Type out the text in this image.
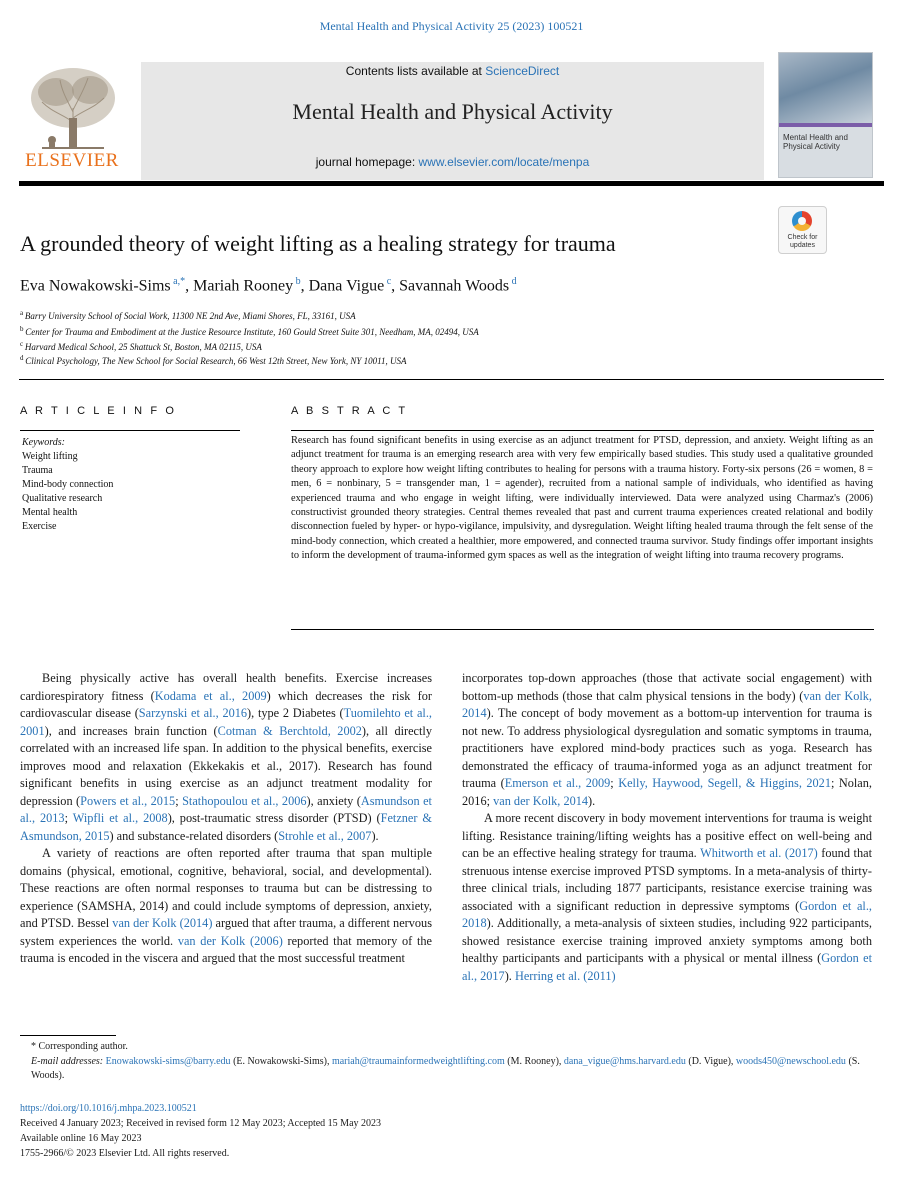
Mental Health and Physical Activity 25 (2023) 100521
ELSEVIER
Contents lists available at ScienceDirect
Mental Health and Physical Activity
journal homepage: www.elsevier.com/locate/menpa
Mental Health and Physical Activity
Check for updates
A grounded theory of weight lifting as a healing strategy for trauma
Eva Nowakowski-Sims $^{a,*}$, Mariah Rooney $^b$, Dana Vigue $^c$, Savannah Woods $^d$
A R T I C L E I N F O	A B S T R A C T
Keywords:
Weight lifting
Trauma
Mind-body connection
Qualitative research
Mental health
Exercise
Research has found significant benefits in using exercise as an adjunct treatment for PTSD, depression, and anxiety. Weight lifting as an adjunct treatment for trauma is an emerging research area with very few empirically based studies. This study used a qualitative grounded theory approach to explore how weight lifting contributes to healing for persons with a trauma history. Forty-six persons (26 = women, 8 = men, 6 = nonbinary, 5 = transgender man, 1 = agender), recruited from a national sample of individuals, who identified as having experienced trauma and who engage in weight lifting, were individually interviewed. Data were analyzed using Charmaz's (2006) constructivist grounded theory strategies. Central themes revealed that past and current trauma experiences created relational and bodily disconnection fueled by hyper- or hypo-vigilance, impulsivity, and dysregulation. Weight lifting healed trauma through the felt sense of the mind-body connection, which created a healthier, more empowered, and connected trauma survivor. Study findings offer important insights to inform the development of trauma-informed gym spaces as well as the integration of weight lifting into trauma recovery programs.

Being physically active has overall health benefits. Exercise increases cardiorespiratory fitness (Kodama et al., 2009) which decreases the risk for cardiovascular disease (Sarzynski et al., 2016), type 2 Diabetes (Tuomilehto et al., 2001), and increases brain function (Cotman & Berchtold, 2002), all directly correlated with an increased life span. In addition to the physical benefits, exercise improves mood and relaxation (Ekkekakis et al., 2017). Research has found significant benefits in using exercise as an adjunct treatment modality for depression (Powers et al., 2015; Stathopoulou et al., 2006), anxiety (Asmundson et al., 2013; Wipfli et al., 2008), post-traumatic stress disorder (PTSD) (Fetzner & Asmundson, 2015) and substance-related disorders (Strohle et al., 2007).

A variety of reactions are often reported after trauma that span multiple domains (physical, emotional, cognitive, behavioral, social, and developmental). These reactions are often normal responses to trauma but can be distressing to experience (SAMSHA, 2014) and could include symptoms of depression, anxiety, and PTSD. Bessel van der Kolk (2014) argued that after trauma, a different nervous system experiences the world. van der Kolk (2006) reported that memory of the trauma is encoded in the viscera and argued that the most successful treatment

incorporates top-down approaches (those that activate social engagement) with bottom-up methods (those that calm physical tensions in the body) (van der Kolk, 2014). The concept of body movement as a bottom-up intervention for trauma is not new. To address physiological dysregulation and somatic symptoms in trauma, practitioners have explored mind-body practices such as yoga. Research has demonstrated the efficacy of trauma-informed yoga as an adjunct treatment for trauma (Emerson et al., 2009; Kelly, Haywood, Segell, & Higgins, 2021; Nolan, 2016; van der Kolk, 2014).

A more recent discovery in body movement interventions for trauma is weight lifting. Resistance training/lifting weights has a positive effect on well-being and can be an effective healing strategy for trauma. Whitworth et al. (2017) found that strenuous intense exercise improved PTSD symptoms. In a meta-analysis of thirty-three clinical trials, including 1877 participants, resistance exercise training was associated with a significant reduction in depressive symptoms (Gordon et al., 2018). Additionally, a meta-analysis of sixteen studies, including 922 participants, showed resistance exercise training improved anxiety symptoms among both healthy participants and participants with a physical or mental illness (Gordon et al., 2017). Herring et al. (2011)

* Corresponding author.
E-mail addresses: Enowakowski-sims@barry.edu (E. Nowakowski-Sims), mariah@traumainformedweightlifting.com (M. Rooney), dana_vigue@hms.harvard.edu (D. Vigue), woods450@newschool.edu (S. Woods).
https://doi.org/10.1016/j.mhpa.2023.100521
Received 4 January 2023; Received in revised form 12 May 2023; Accepted 15 May 2023
Available online 16 May 2023
1755-2966/© 2023 Elsevier Ltd. All rights reserved.
$^a$ Barry University School of Social Work, 11300 NE 2nd Ave, Miami Shores, FL, 33161, USA
$^b$ Center for Trauma and Embodiment at the Justice Resource Institute, 160 Gould Street Suite 301, Needham, MA, 02494, USA
$^c$ Harvard Medical School, 25 Shattuck St, Boston, MA 02115, USA
$^d$ Clinical Psychology, The New School for Social Research, 66 West 12th Street, New York, NY 10011, USA
